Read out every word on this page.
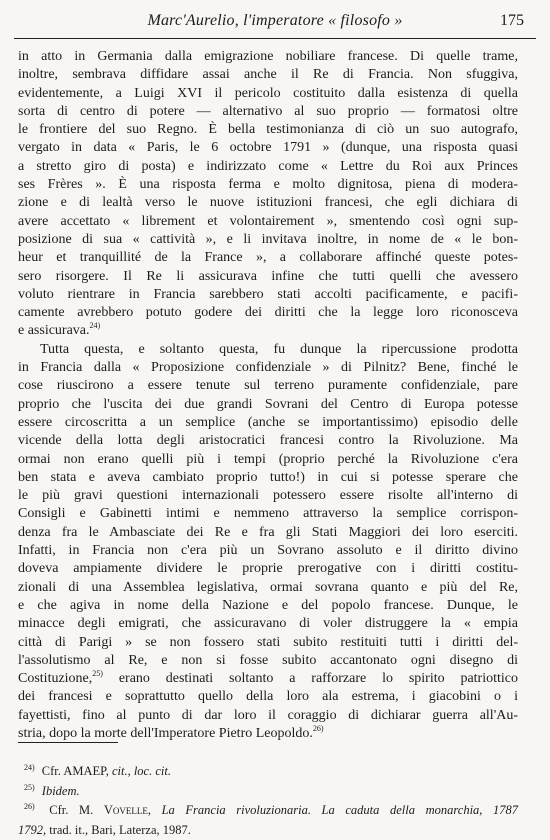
Marc'Aurelio, l'imperatore « filosofo »	175
in atto in Germania dalla emigrazione nobiliare francese. Di quelle trame,
inoltre, sembrava diffidare assai anche il Re di Francia. Non sfuggiva,
evidentemente, a Luigi XVI il pericolo costituito dalla esistenza di quella
sorta di centro di potere — alternativo al suo proprio — formatosi oltre
le frontiere del suo Regno. È bella testimonianza di ciò un suo autografo,
vergato in data « Paris, le 6 octobre 1791 » (dunque, una risposta quasi
a stretto giro di posta) e indirizzato come « Lettre du Roi aux Princes
ses Frères ». È una risposta ferma e molto dignitosa, piena di modera-
zione e di lealtà verso le nuove istituzioni francesi, che egli dichiara di
avere accettato « librement et volontairement », smentendo così ogni sup-
posizione di sua « cattività », e li invitava inoltre, in nome de « le bon-
heur et tranquillité de la France », a collaborare affinché queste potes-
sero risorgere. Il Re li assicurava infine che tutti quelli che avessero
voluto rientrare in Francia sarebbero stati accolti pacificamente, e pacifi-
camente avrebbero potuto godere dei diritti che la legge loro riconosceva
e assicurava.$^{24)}$
Tutta questa, e soltanto questa, fu dunque la ripercussione prodotta
in Francia dalla « Proposizione confidenziale » di Pilnitz? Bene, finché le
cose riuscirono a essere tenute sul terreno puramente confidenziale, pare
proprio che l'uscita dei due grandi Sovrani del Centro di Europa potesse
essere circoscritta a un semplice (anche se importantissimo) episodio delle
vicende della lotta degli aristocratici francesi contro la Rivoluzione. Ma
ormai non erano quelli più i tempi (proprio perché la Rivoluzione c'era
ben stata e aveva cambiato proprio tutto!) in cui si potesse sperare che
le più gravi questioni internazionali potessero essere risolte all'interno di
Consigli e Gabinetti intimi e nemmeno attraverso la semplice corrispon-
denza fra le Ambasciate dei Re e fra gli Stati Maggiori dei loro eserciti.
Infatti, in Francia non c'era più un Sovrano assoluto e il diritto divino
doveva ampiamente dividere le proprie prerogative con i diritti costitu-
zionali di una Assemblea legislativa, ormai sovrana quanto e più del Re,
e che agiva in nome della Nazione e del popolo francese. Dunque, le
minacce degli emigrati, che assicuravano di voler distruggere la « empia
città di Parigi » se non fossero stati subito restituiti tutti i diritti del-
l'assolutismo al Re, e non si fosse subito accantonato ogni disegno di
Costituzione,$^{25)}$ erano destinati soltanto a rafforzare lo spirito patriottico
dei francesi e soprattutto quello della loro ala estrema, i giacobini o i
fayettisti, fino al punto di dar loro il coraggio di dichiarar guerra all'Au-
stria, dopo la morte dell'Imperatore Pietro Leopoldo.$^{26)}$
$^{24)}$ Cfr. AMAEP, cit., loc. cit.
$^{25)}$ Ibidem.
$^{26)}$ Cfr. M. Vovelle, La Francia rivoluzionaria. La caduta della monarchia, 1787
1792, trad. it., Bari, Laterza, 1987.
